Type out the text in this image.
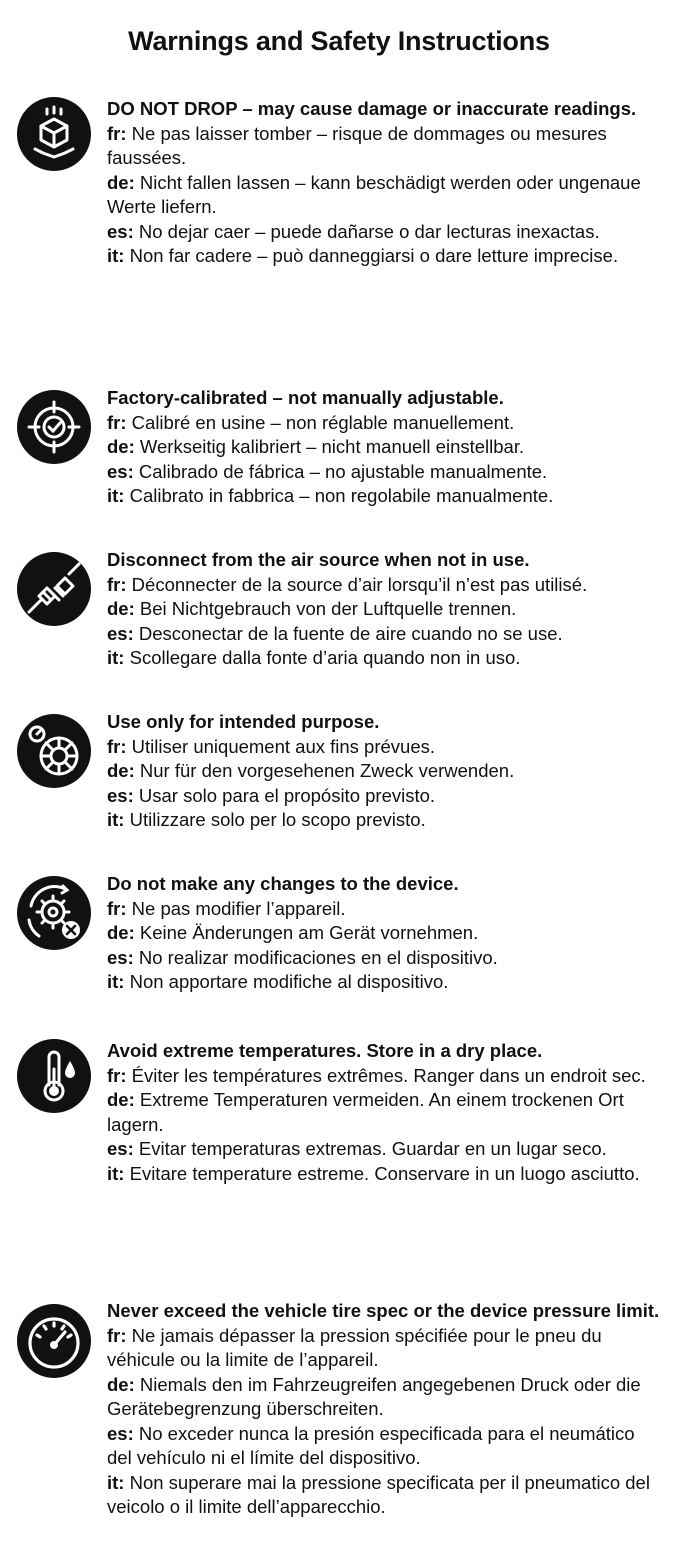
Warnings and Safety Instructions

DO NOT DROP – may cause damage or inaccurate readings.

fr: Ne pas laisser tomber – risque de dommages ou mesures faussées.

de: Nicht fallen lassen – kann beschädigt werden oder ungenaue Werte liefern.

es: No dejar caer – puede dañarse o dar lecturas inexactas.

it: Non far cadere – può danneggiarsi o dare letture imprecise.

Factory-calibrated – not manually adjustable.

fr: Calibré en usine – non réglable manuellement.

de: Werkseitig kalibriert – nicht manuell einstellbar.

es: Calibrado de fábrica – no ajustable manualmente.

it: Calibrato in fabbrica – non regolabile manualmente.

Disconnect from the air source when not in use.

fr: Déconnecter de la source d’air lorsqu’il n’est pas utilisé.

de: Bei Nichtgebrauch von der Luftquelle trennen.

es: Desconectar de la fuente de aire cuando no se use.

it: Scollegare dalla fonte d’aria quando non in uso.

Use only for intended purpose.

fr: Utiliser uniquement aux fins prévues.

de: Nur für den vorgesehenen Zweck verwenden.

es: Usar solo para el propósito previsto.

it: Utilizzare solo per lo scopo previsto.

Do not make any changes to the device.

fr: Ne pas modifier l’appareil.

de: Keine Änderungen am Gerät vornehmen.

es: No realizar modificaciones en el dispositivo.

it: Non apportare modifiche al dispositivo.

Avoid extreme temperatures. Store in a dry place.

fr: Éviter les températures extrêmes. Ranger dans un endroit sec.

de: Extreme Temperaturen vermeiden. An einem trockenen Ort lagern.

es: Evitar temperaturas extremas. Guardar en un lugar seco.

it: Evitare temperature estreme. Conservare in un luogo asciutto.

Never exceed the vehicle tire spec or the device pressure limit.

fr: Ne jamais dépasser la pression spécifiée pour le pneu du véhicule ou la limite de l’appareil.

de: Niemals den im Fahrzeugreifen angegebenen Druck oder die Gerätebegrenzung überschreiten.

es: No exceder nunca la presión especificada para el neumático del vehículo ni el límite del dispositivo.

it: Non superare mai la pressione specificata per il pneumatico del veicolo o il limite dell’apparecchio.
